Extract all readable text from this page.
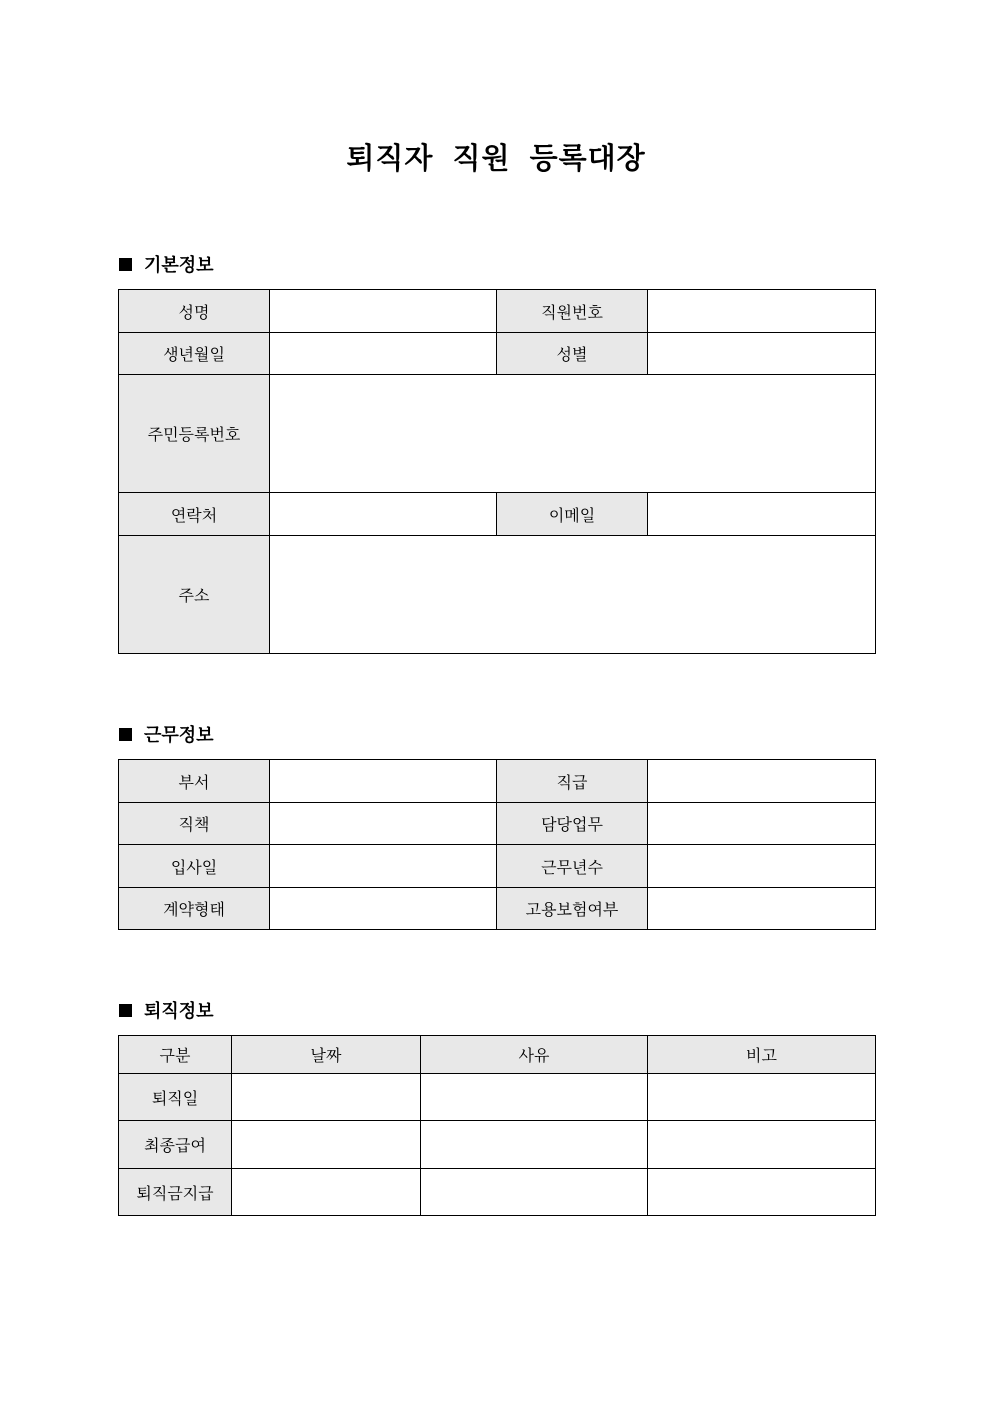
퇴직자 직원 등록대장
기본정보
성명		직원번호	
생년월일		성별	
주민등록번호			
연락처		이메일	
주소			
근무정보
부서		직급	
직책		담당업무	
입사일		근무년수	
계약형태		고용보험여부	
퇴직정보
구분	날짜	사유	비고
퇴직일			
최종급여			
퇴직금지급			
